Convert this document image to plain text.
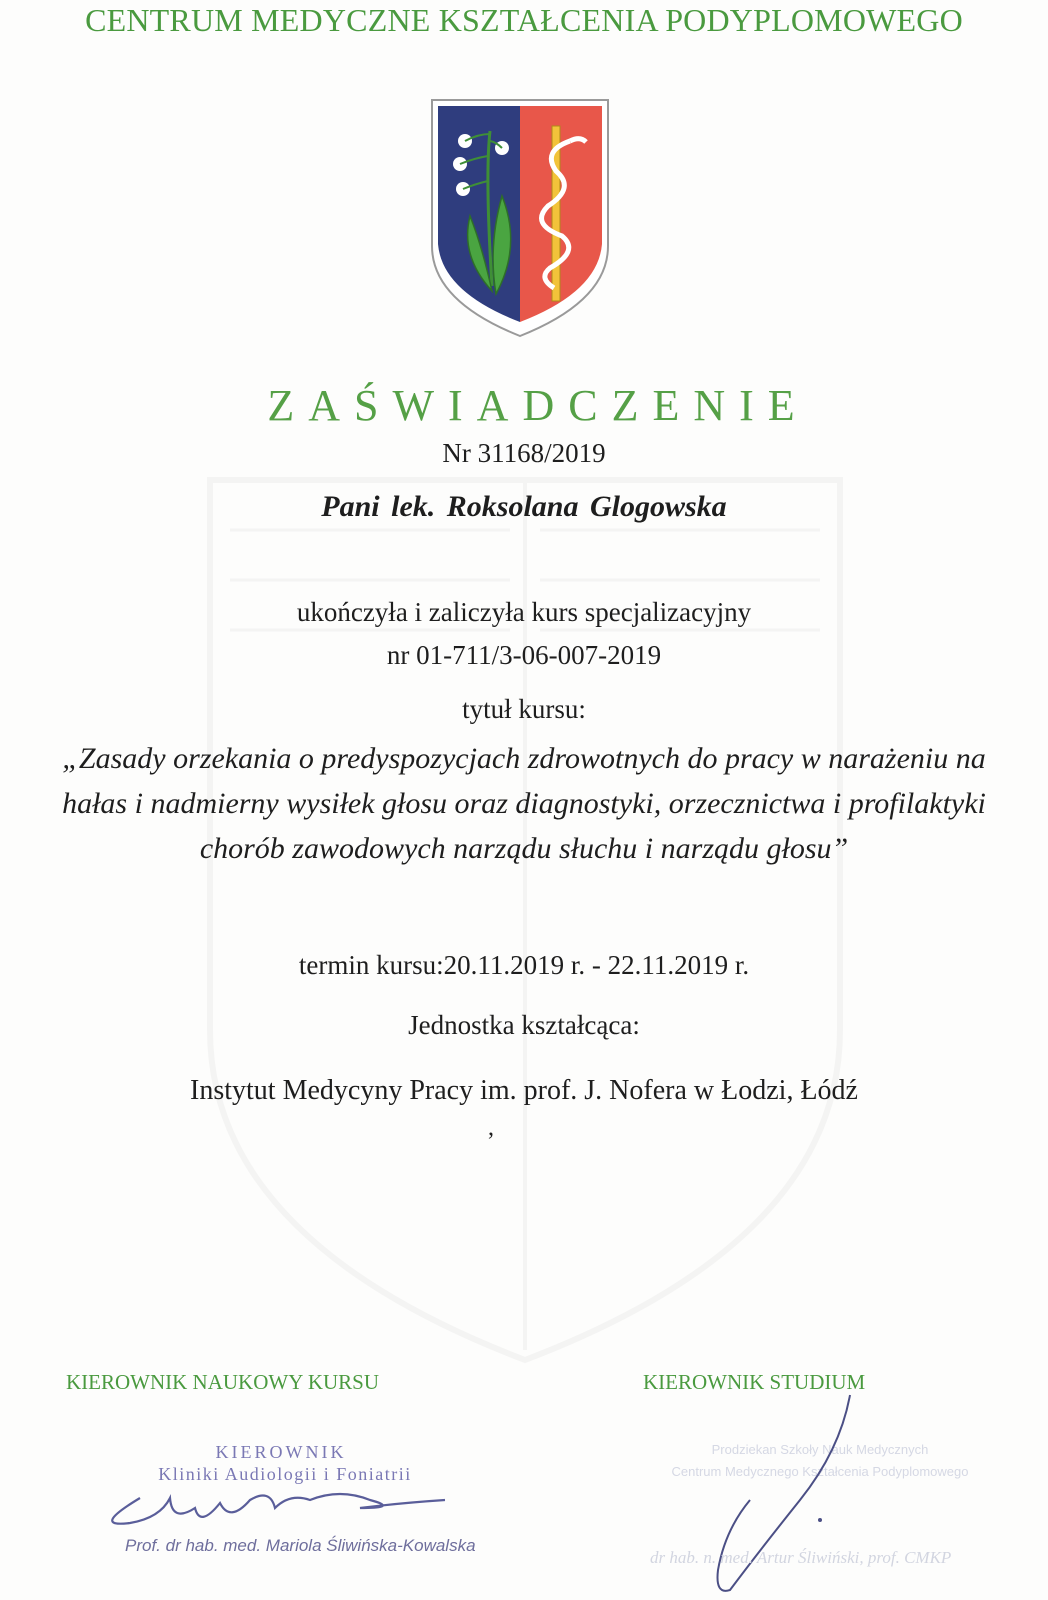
CENTRUM MEDYCZNE KSZTAŁCENIA PODYPLOMOWEGO
ZAŚWIADCZENIE
Nr 31168/2019
Pani lek. Roksolana Glogowska
ukończyła i zaliczyła kurs specjalizacyjny
nr 01-711/3-06-007-2019
tytuł kursu:
„Zasady orzekania o predyspozycjach zdrowotnych do pracy w narażeniu na hałas i nadmierny wysiłek głosu oraz diagnostyki, orzecznictwa i profilaktyki chorób zawodowych narządu słuchu i narządu głosu”
termin kursu:20.11.2019 r. - 22.11.2019 r.
Jednostka kształcąca:
Instytut Medycyny Pracy im. prof. J. Nofera w Łodzi, Łódź
,
KIEROWNIK NAUKOWY KURSU	KIEROWNIK STUDIUM
KIEROWNIK
Kliniki Audiologii i Foniatrii
Prof. dr hab. med. Mariola Śliwińska-Kowalska
Prodziekan Szkoły Nauk Medycznych
Centrum Medycznego Kształcenia Podyplomowego
dr hab. n. med. Artur Śliwiński, prof. CMKP
